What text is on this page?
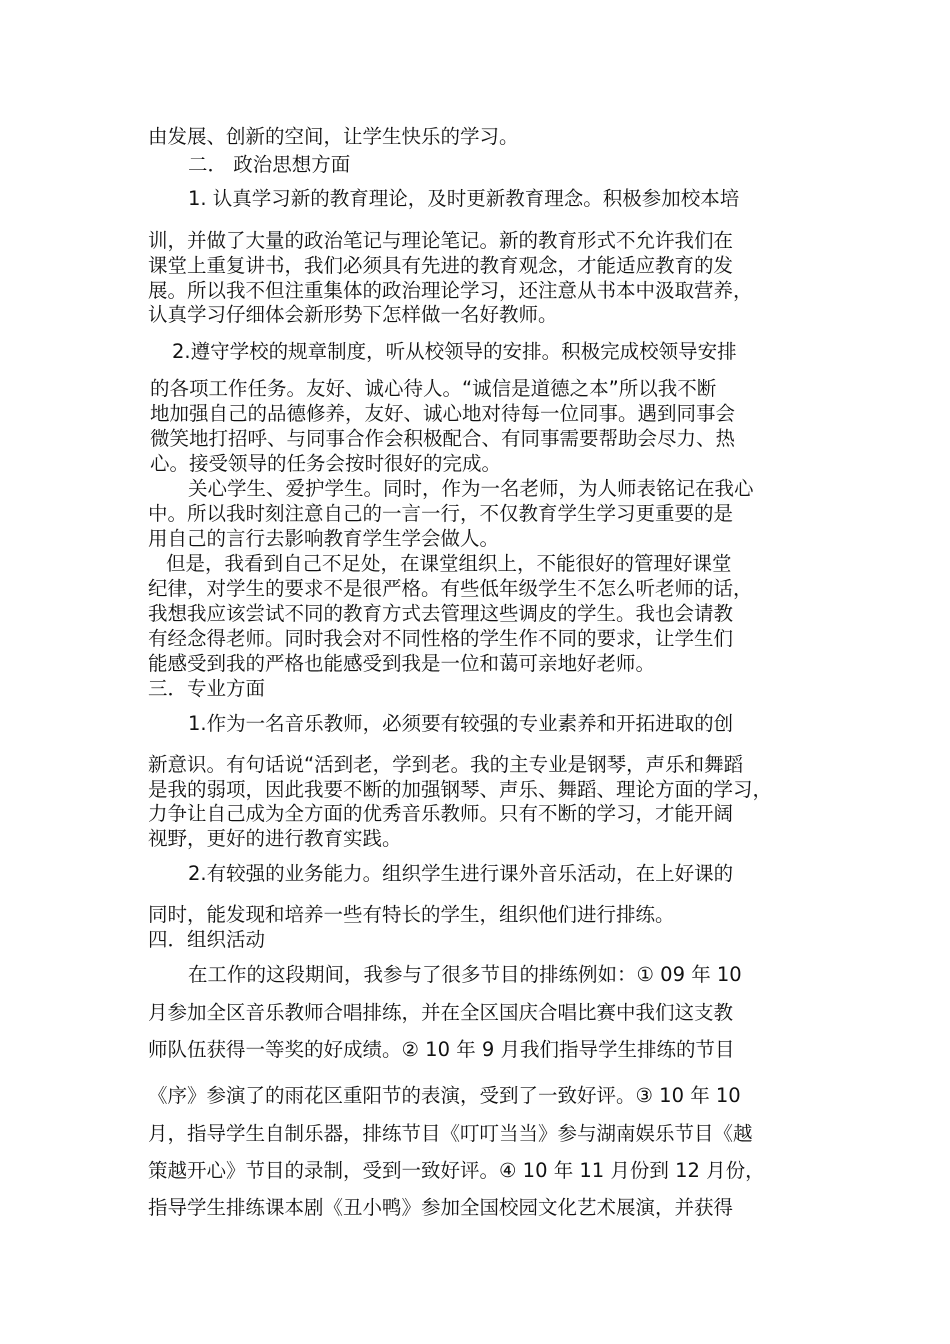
由发展、创新的空间，让学生快乐的学习。
二． 政治思想方面
1. 认真学习新的教育理论，及时更新教育理念。积极参加校本培
训，并做了大量的政治笔记与理论笔记。新的教育形式不允许我们在
课堂上重复讲书，我们必须具有先进的教育观念，才能适应教育的发
展。所以我不但注重集体的政治理论学习，还注意从书本中汲取营养，
认真学习仔细体会新形势下怎样做一名好教师。
2.遵守学校的规章制度，听从校领导的安排。积极完成校领导安排
的各项工作任务。友好、诚心待人。“诚信是道德之本”所以我不断
地加强自己的品德修养，友好、诚心地对待每一位同事。遇到同事会
微笑地打招呼、与同事合作会积极配合、有同事需要帮助会尽力、热
心。接受领导的任务会按时很好的完成。
关心学生、爱护学生。同时，作为一名老师，为人师表铭记在我心
中。所以我时刻注意自己的一言一行，不仅教育学生学习更重要的是
用自己的言行去影响教育学生学会做人。
但是，我看到自己不足处，在课堂组织上，不能很好的管理好课堂
纪律，对学生的要求不是很严格。有些低年级学生不怎么听老师的话，
我想我应该尝试不同的教育方式去管理这些调皮的学生。我也会请教
有经念得老师。同时我会对不同性格的学生作不同的要求，让学生们
能感受到我的严格也能感受到我是一位和蔼可亲地好老师。
三．专业方面
1.作为一名音乐教师，必须要有较强的专业素养和开拓进取的创
新意识。有句话说“活到老，学到老。我的主专业是钢琴，声乐和舞蹈
是我的弱项，因此我要不断的加强钢琴、声乐、舞蹈、理论方面的学习，
力争让自己成为全方面的优秀音乐教师。只有不断的学习，才能开阔
视野，更好的进行教育实践。
2.有较强的业务能力。组织学生进行课外音乐活动，在上好课的
同时，能发现和培养一些有特长的学生，组织他们进行排练。
四．组织活动
在工作的这段期间，我参与了很多节目的排练例如：① 09 年 10
月参加全区音乐教师合唱排练，并在全区国庆合唱比赛中我们这支教
师队伍获得一等奖的好成绩。② 10 年 9 月我们指导学生排练的节目
《序》参演了的雨花区重阳节的表演，受到了一致好评。③ 10 年 10
月，指导学生自制乐器，排练节目《叮叮当当》参与湖南娱乐节目《越
策越开心》节目的录制，受到一致好评。④ 10 年 11 月份到 12 月份，
指导学生排练课本剧《丑小鸭》参加全国校园文化艺术展演，并获得
